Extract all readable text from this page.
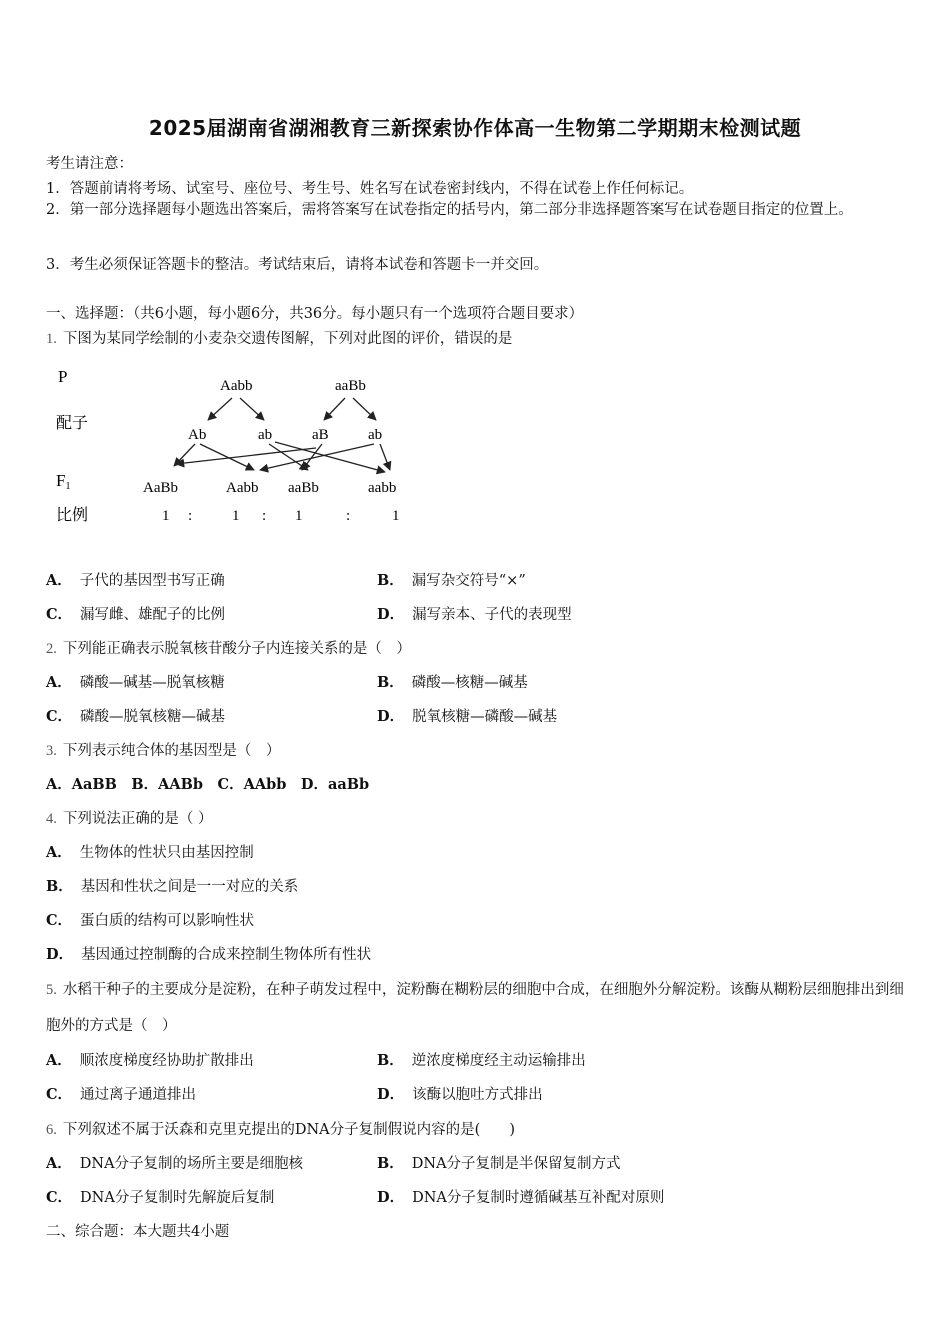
2025届湖南省湖湘教育三新探索协作体高一生物第二学期期末检测试题
考生请注意：
1．答题前请将考场、试室号、座位号、考生号、姓名写在试卷密封线内，不得在试卷上作任何标记。
2．第一部分选择题每小题选出答案后，需将答案写在试卷指定的括号内，第二部分非选择题答案写在试卷题目指定的位置上。
3．考生必须保证答题卡的整洁。考试结束后，请将本试卷和答题卡一并交回。
一、选择题：（共6小题，每小题6分，共36分。每小题只有一个选项符合题目要求）
1. 下图为某同学绘制的小麦杂交遗传图解，下列对此图的评价，错误的是
P
配子
F1
比例
Aabb	aaBb
Ab	ab	aB	ab
AaBb	Aabb aaBb	aabb
1 :	1 : 1	:	1
A． 子代的基因型书写正确	B． 漏写杂交符号“×”
C． 漏写雌、雄配子的比例	D． 漏写亲本、子代的表现型
2. 下列能正确表示脱氧核苷酸分子内连接关系的是（　）
A． 磷酸—碱基—脱氧核糖	B． 磷酸—核糖—碱基
C． 磷酸—脱氧核糖—碱基	D． 脱氧核糖—磷酸—碱基
3. 下列表示纯合体的基因型是（　）
A．AaBB　B．AABb　C．AAbb　D．aaBb
4. 下列说法正确的是（ ）
A． 生物体的性状只由基因控制
B． 基因和性状之间是一一对应的关系
C． 蛋白质的结构可以影响性状
D． 基因通过控制酶的合成来控制生物体所有性状
5. 水稻干种子的主要成分是淀粉，在种子萌发过程中，淀粉酶在糊粉层的细胞中合成，在细胞外分解淀粉。该酶从糊粉层细胞排出到细胞外的方式是（　）
A． 顺浓度梯度经协助扩散排出	B． 逆浓度梯度经主动运输排出
C． 通过离子通道排出	D． 该酶以胞吐方式排出
6. 下列叙述不属于沃森和克里克提出的DNA分子复制假说内容的是(　　)
A． DNA分子复制的场所主要是细胞核	B． DNA分子复制是半保留复制方式
C． DNA分子复制时先解旋后复制	D． DNA分子复制时遵循碱基互补配对原则
二、综合题：本大题共4小题
